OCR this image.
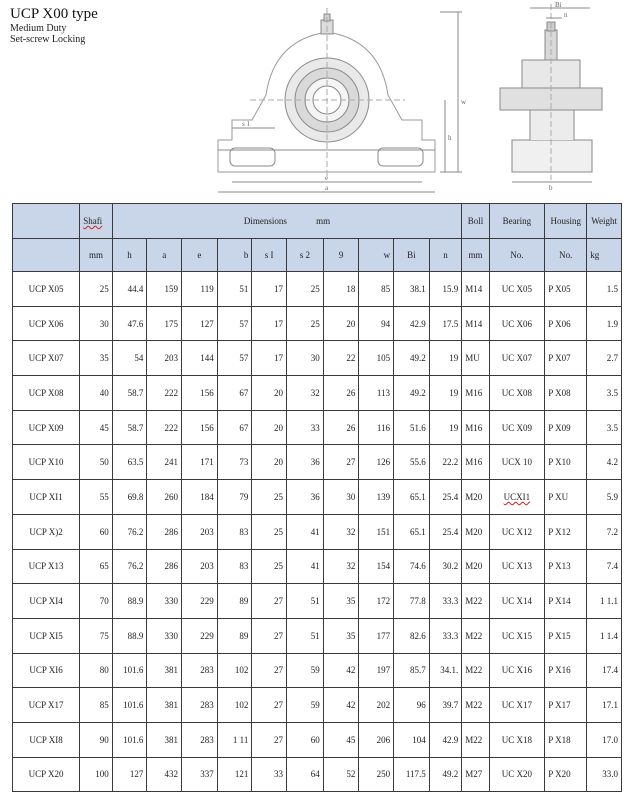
UCP X00 type
Medium Duty
Set-screw Locking
s 1
w
h
e
a
Bi
n
b
	Shafi	Dimensions mm										Boll	Bearing	Housing	Weight
	mm	h	a	e	b	s I	s 2	9	w	Bi	n	mm	No.	No.	kg
UCP X05	25	44.4	159	119	51	17	25	18	85	38.1	15.9	M14	UC X05	P X05	1.5
UCP X06	30	47.6	175	127	57	17	25	20	94	42.9	17.5	M14	UC X06	P X06	1.9
UCP X07	35	54	203	144	57	17	30	22	105	49.2	19	MU	UC X07	P X07	2.7
UCP X08	40	58.7	222	156	67	20	32	26	113	49.2	19	M16	UC X08	P X08	3.5
UCP X09	45	58.7	222	156	67	20	33	26	116	51.6	19	M16	UC X09	P X09	3.5
UCP X10	50	63.5	241	171	73	20	36	27	126	55.6	22.2	M16	UCX 10	P X10	4.2
UCP XI1	55	69.8	260	184	79	25	36	30	139	65.1	25.4	M20	UCXI1	P XU	5.9
UCP X)2	60	76.2	286	203	83	25	41	32	151	65.1	25.4	M20	UC X12	P X12	7.2
UCP X13	65	76.2	286	203	83	25	41	32	154	74.6	30.2	M20	UC X13	P X13	7.4
UCP XI4	70	88.9	330	229	89	27	51	35	172	77.8	33.3	M22	UC X14	P X14	1 1.1
UCP XI5	75	88.9	330	229	89	27	51	35	177	82.6	33.3	M22	UC X15	P X15	1 1.4
UCP XI6	80	101.6	381	283	102	27	59	42	197	85.7	34.1.	M22	UC X16	P X16	17.4
UCP X17	85	101.6	381	283	102	27	59	42	202	96	39.7	M22	UC X17	P X17	17.1
UCP XI8	90	101.6	381	283	1 11	27	60	45	206	104	42.9	M22	UC X18	P X18	17.0
UCP X20	100	127	432	337	121	33	64	52	250	117.5	49.2	M27	UC X20	P X20	33.0
